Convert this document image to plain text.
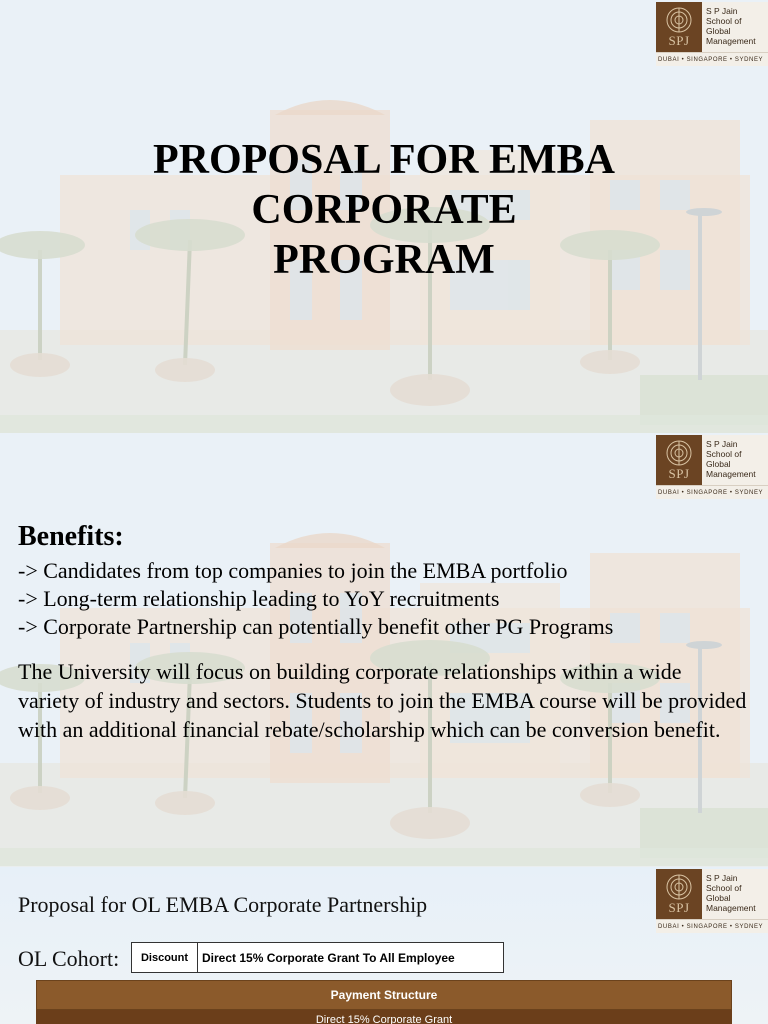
SPJ
S P Jain
School of Global
Management
DUBAI • SINGAPORE • SYDNEY
PROPOSAL FOR EMBA
CORPORATE
PROGRAM
SPJ
S P Jain
School of Global
Management
DUBAI • SINGAPORE • SYDNEY
Benefits:
-> Candidates from top companies to join the EMBA portfolio
-> Long-term relationship leading to YoY recruitments
-> Corporate Partnership can potentially benefit other PG Programs

The University will focus on building corporate relationships within a wide variety of industry and sectors. Students to join the EMBA course will be provided with an additional financial rebate/scholarship which can be conversion benefit.

SPJ
S P Jain
School of Global
Management
DUBAI • SINGAPORE • SYDNEY
Proposal for OL EMBA Corporate Partnership
OL Cohort: Discount	Direct 15% Corporate Grant To All Employee
Payment Structure
Direct 15% Corporate Grant
